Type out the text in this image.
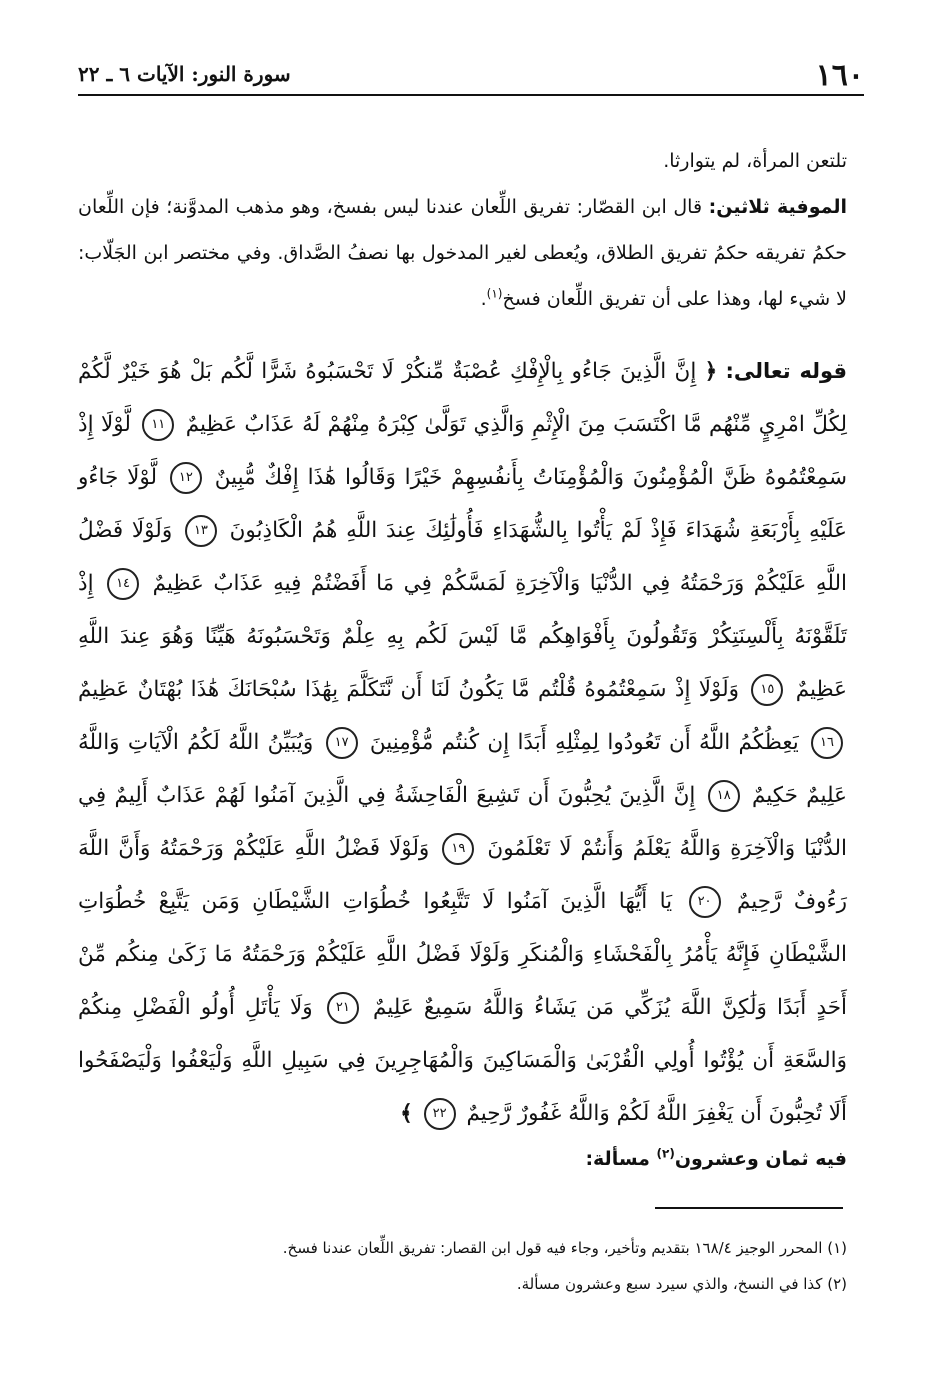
١٦٠
سورة النور: الآيات ٦ ـ ٢٢

تلتعن المرأة، لم يتوارثا.

الموفية ثلاثين: قال ابن القصّار: تفريق اللِّعان عندنا ليس بفسخ، وهو مذهب المدوَّنة؛ فإن اللِّعان حكمُ تفريقه حكمُ تفريق الطلاق، ويُعطى لغير المدخول بها نصفُ الصَّداق. وفي مختصر ابن الجَلّاب: لا شيء لها، وهذا على أن تفريق اللِّعان فسخ$^{(١)}$.

قوله تعالى: ﴿ إِنَّ الَّذِينَ جَاءُو بِالْإِفْكِ عُصْبَةٌ مِّنكُرْ لَا تَحْسَبُوهُ شَرًّا لَّكُم بَلْ هُوَ خَيْرٌ لَّكُمْ لِكُلِّ امْرِيٍ مِّنْهُم مَّا اكْتَسَبَ مِنَ الْإِثْمِ وَالَّذِي تَوَلَّىٰ كِبْرَهُ مِنْهُمْ لَهُ عَذَابٌ عَظِيمٌ ١١ لَّوْلَا إِذْ سَمِعْتُمُوهُ ظَنَّ الْمُؤْمِنُونَ وَالْمُؤْمِنَاتُ بِأَنفُسِهِمْ خَيْرًا وَقَالُوا هَٰذَا إِفْكٌ مُّبِينٌ ١٢ لَّوْلَا جَاءُو عَلَيْهِ بِأَرْبَعَةِ شُهَدَاءَ فَإِذْ لَمْ يَأْتُوا بِالشُّهَدَاءِ فَأُولَٰئِكَ عِندَ اللَّهِ هُمُ الْكَاذِبُونَ ١٣ وَلَوْلَا فَضْلُ اللَّهِ عَلَيْكُمْ وَرَحْمَتُهُ فِي الدُّنْيَا وَالْآخِرَةِ لَمَسَّكُمْ فِي مَا أَفَضْتُمْ فِيهِ عَذَابٌ عَظِيمٌ ١٤ إِذْ تَلَقَّوْنَهُ بِأَلْسِنَتِكُرْ وَتَقُولُونَ بِأَفْوَاهِكُم مَّا لَيْسَ لَكُم بِهِ عِلْمٌ وَتَحْسَبُونَهُ هَيِّنًا وَهُوَ عِندَ اللَّهِ عَظِيمٌ ١٥ وَلَوْلَا إِذْ سَمِعْتُمُوهُ قُلْتُم مَّا يَكُونُ لَنَا أَن نَّتَكَلَّمَ بِهَٰذَا سُبْحَانَكَ هَٰذَا بُهْتَانٌ عَظِيمٌ ١٦ يَعِظُكُمُ اللَّهُ أَن تَعُودُوا لِمِثْلِهِ أَبَدًا إِن كُنتُم مُّؤْمِنِينَ ١٧ وَيُبَيِّنُ اللَّهُ لَكُمُ الْآيَاتِ وَاللَّهُ عَلِيمٌ حَكِيمٌ ١٨ إِنَّ الَّذِينَ يُحِبُّونَ أَن تَشِيعَ الْفَاحِشَةُ فِي الَّذِينَ آمَنُوا لَهُمْ عَذَابٌ أَلِيمٌ فِي الدُّنْيَا وَالْآخِرَةِ وَاللَّهُ يَعْلَمُ وَأَنتُمْ لَا تَعْلَمُونَ ١٩ وَلَوْلَا فَضْلُ اللَّهِ عَلَيْكُمْ وَرَحْمَتُهُ وَأَنَّ اللَّهَ رَءُوفٌ رَّحِيمٌ ٢٠ يَا أَيُّهَا الَّذِينَ آمَنُوا لَا تَتَّبِعُوا خُطُوَاتِ الشَّيْطَانِ وَمَن يَتَّبِعْ خُطُوَاتِ الشَّيْطَانِ فَإِنَّهُ يَأْمُرُ بِالْفَحْشَاءِ وَالْمُنكَرِ وَلَوْلَا فَضْلُ اللَّهِ عَلَيْكُمْ وَرَحْمَتُهُ مَا زَكَىٰ مِنكُم مِّنْ أَحَدٍ أَبَدًا وَلَٰكِنَّ اللَّهَ يُزَكِّي مَن يَشَاءُ وَاللَّهُ سَمِيعٌ عَلِيمٌ ٢١ وَلَا يَأْتَلِ أُولُو الْفَضْلِ مِنكُمْ وَالسَّعَةِ أَن يُؤْتُوا أُولِي الْقُرْبَىٰ وَالْمَسَاكِينَ وَالْمُهَاجِرِينَ فِي سَبِيلِ اللَّهِ وَلْيَعْفُوا وَلْيَصْفَحُوا أَلَا تُحِبُّونَ أَن يَغْفِرَ اللَّهُ لَكُمْ وَاللَّهُ غَفُورٌ رَّحِيمٌ ٢٢ ﴾
فيه ثمان وعشرون$^{(٢)}$ مسألة:

(١) المحرر الوجيز ١٦٨/٤ بتقديم وتأخير، وجاء فيه قول ابن القصار: تفريق اللِّعان عندنا فسخ.

(٢) كذا في النسخ، والذي سيرد سبع وعشرون مسألة.
